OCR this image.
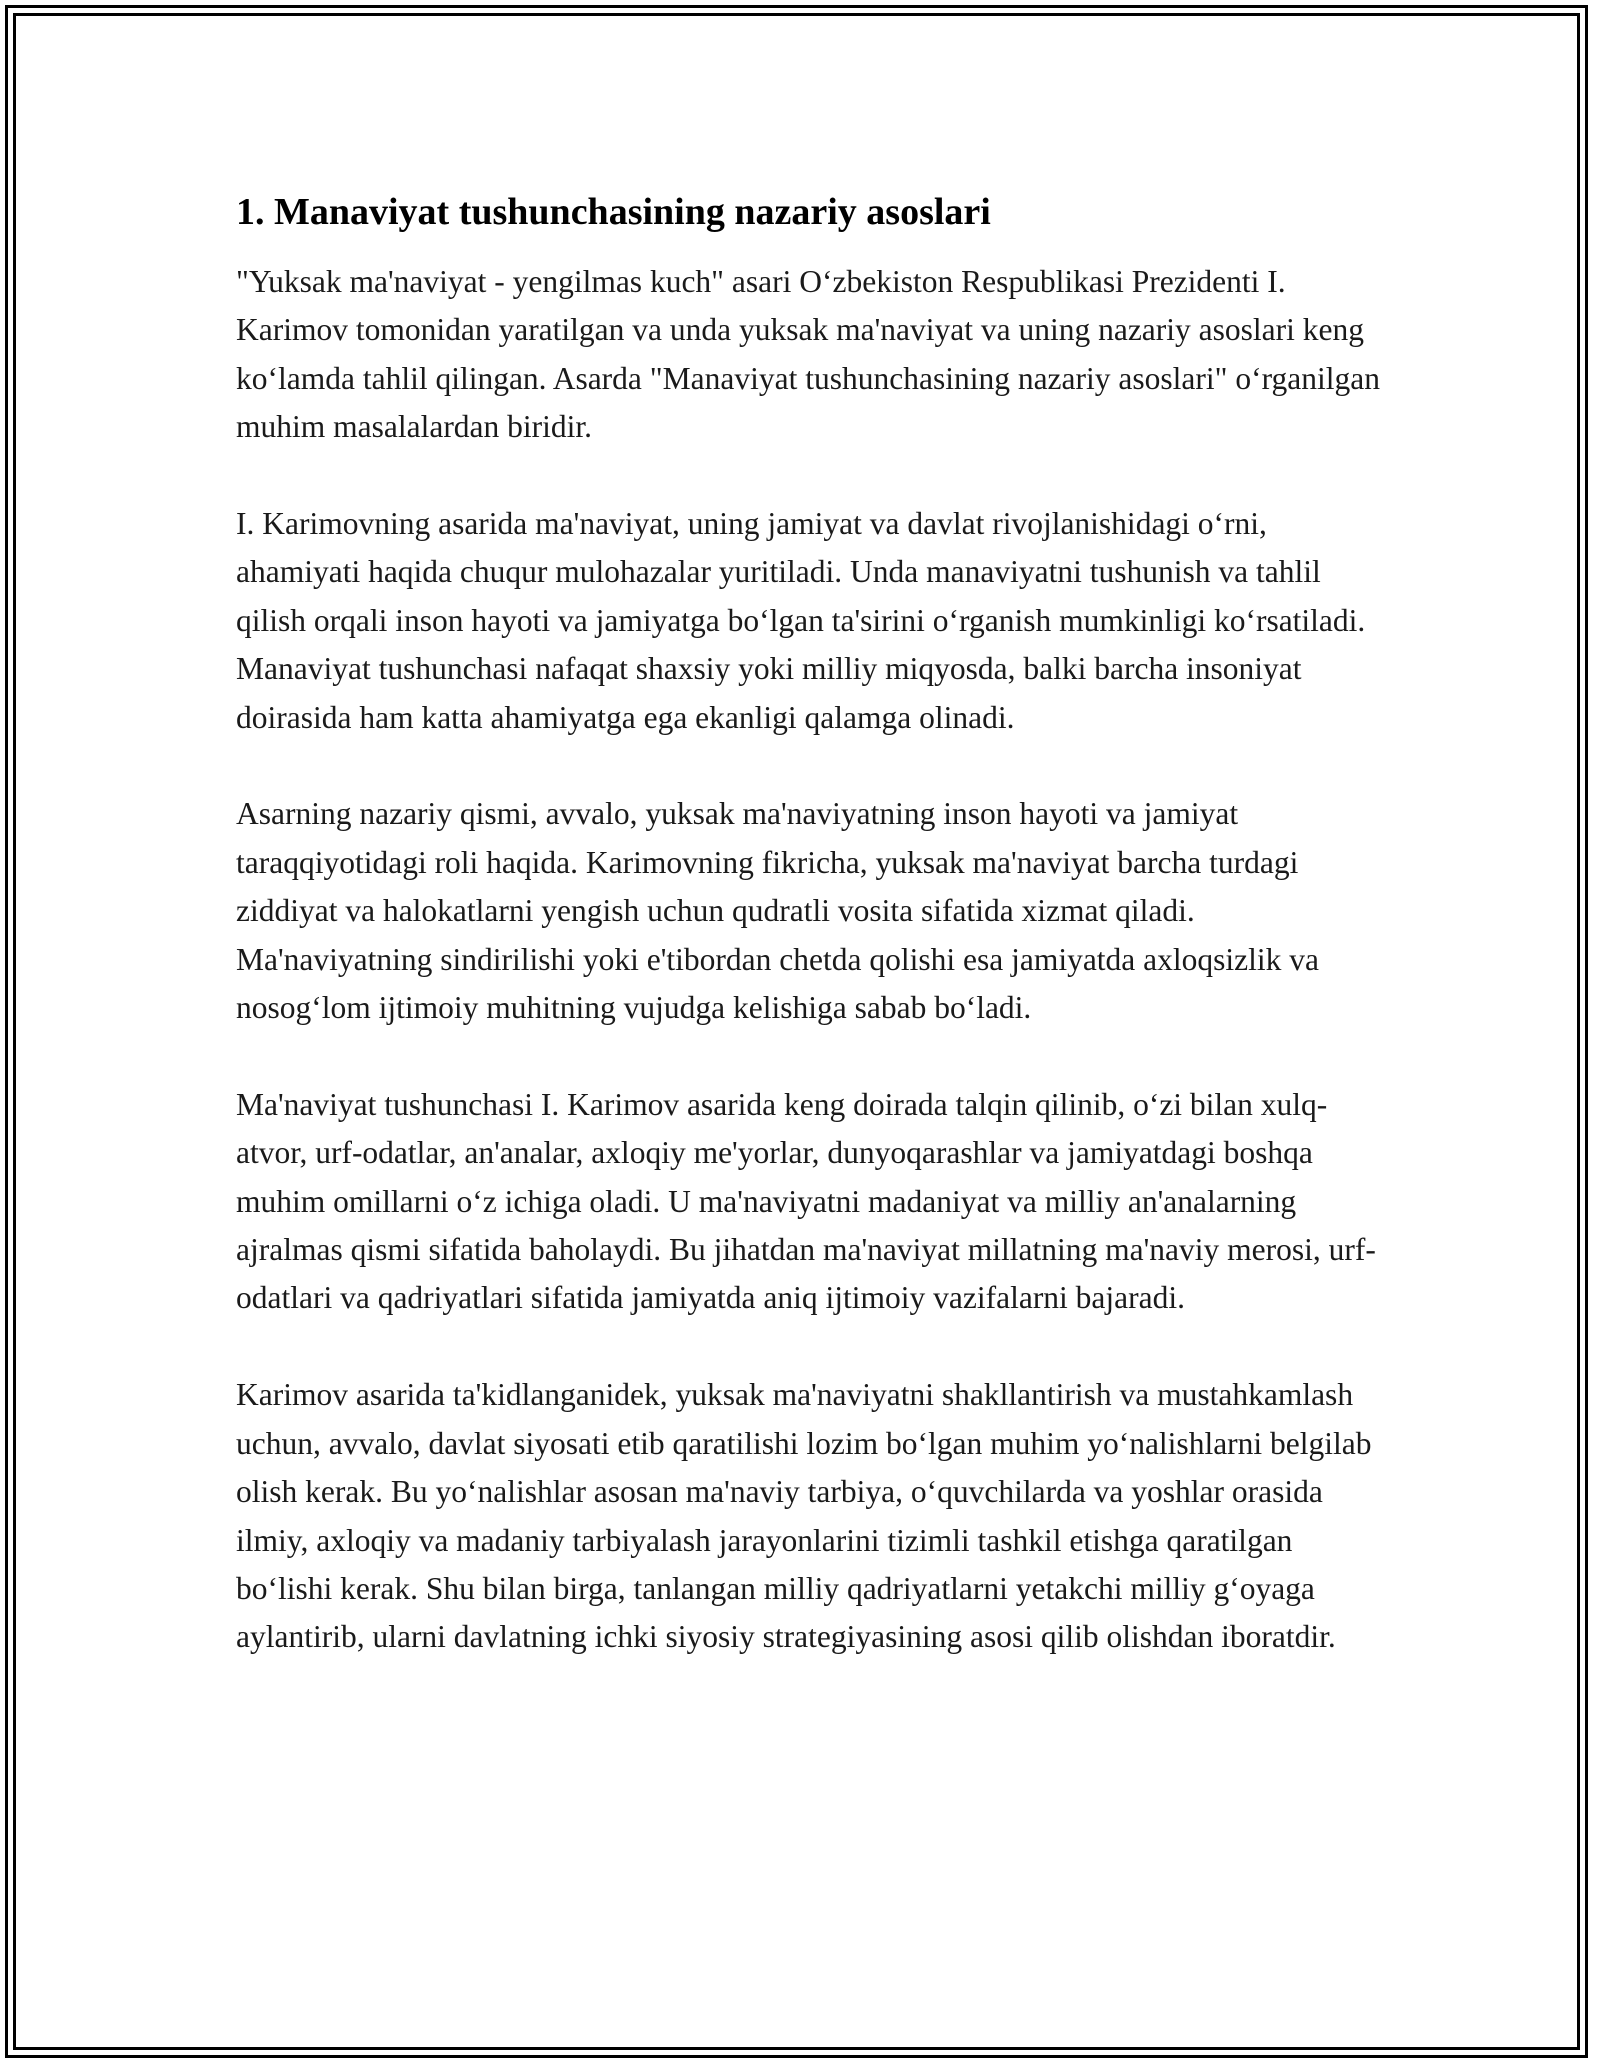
1. Manaviyat tushunchasining nazariy asoslari

"Yuksak ma'naviyat - yengilmas kuch" asari O‘zbekiston Respublikasi Prezidenti I. Karimov tomonidan yaratilgan va unda yuksak ma'naviyat va uning nazariy asoslari keng ko‘lamda tahlil qilingan. Asarda "Manaviyat tushunchasining nazariy asoslari" o‘rganilgan muhim masalalardan biridir.

I. Karimovning asarida ma'naviyat, uning jamiyat va davlat rivojlanishidagi o‘rni, ahamiyati haqida chuqur mulohazalar yuritiladi. Unda manaviyatni tushunish va tahlil qilish orqali inson hayoti va jamiyatga bo‘lgan ta'sirini o‘rganish mumkinligi ko‘rsatiladi. Manaviyat tushunchasi nafaqat shaxsiy yoki milliy miqyosda, balki barcha insoniyat doirasida ham katta ahamiyatga ega ekanligi qalamga olinadi.

Asarning nazariy qismi, avvalo, yuksak ma'naviyatning inson hayoti va jamiyat taraqqiyotidagi roli haqida. Karimovning fikricha, yuksak ma'naviyat barcha turdagi ziddiyat va halokatlarni yengish uchun qudratli vosita sifatida xizmat qiladi. Ma'naviyatning sindirilishi yoki e'tibordan chetda qolishi esa jamiyatda axloqsizlik va nosog‘lom ijtimoiy muhitning vujudga kelishiga sabab bo‘ladi.

Ma'naviyat tushunchasi I. Karimov asarida keng doirada talqin qilinib, o‘zi bilan xulq-atvor, urf-odatlar, an'analar, axloqiy me'yorlar, dunyoqarashlar va jamiyatdagi boshqa muhim omillarni o‘z ichiga oladi. U ma'naviyatni madaniyat va milliy an'analarning ajralmas qismi sifatida baholaydi. Bu jihatdan ma'naviyat millatning ma'naviy merosi, urf-odatlari va qadriyatlari sifatida jamiyatda aniq ijtimoiy vazifalarni bajaradi.

Karimov asarida ta'kidlanganidek, yuksak ma'naviyatni shakllantirish va mustahkamlash uchun, avvalo, davlat siyosati etib qaratilishi lozim bo‘lgan muhim yo‘nalishlarni belgilab olish kerak. Bu yo‘nalishlar asosan ma'naviy tarbiya, o‘quvchilarda va yoshlar orasida ilmiy, axloqiy va madaniy tarbiyalash jarayonlarini tizimli tashkil etishga qaratilgan bo‘lishi kerak. Shu bilan birga, tanlangan milliy qadriyatlarni yetakchi milliy g‘oyaga aylantirib, ularni davlatning ichki siyosiy strategiyasining asosi qilib olishdan iboratdir.
